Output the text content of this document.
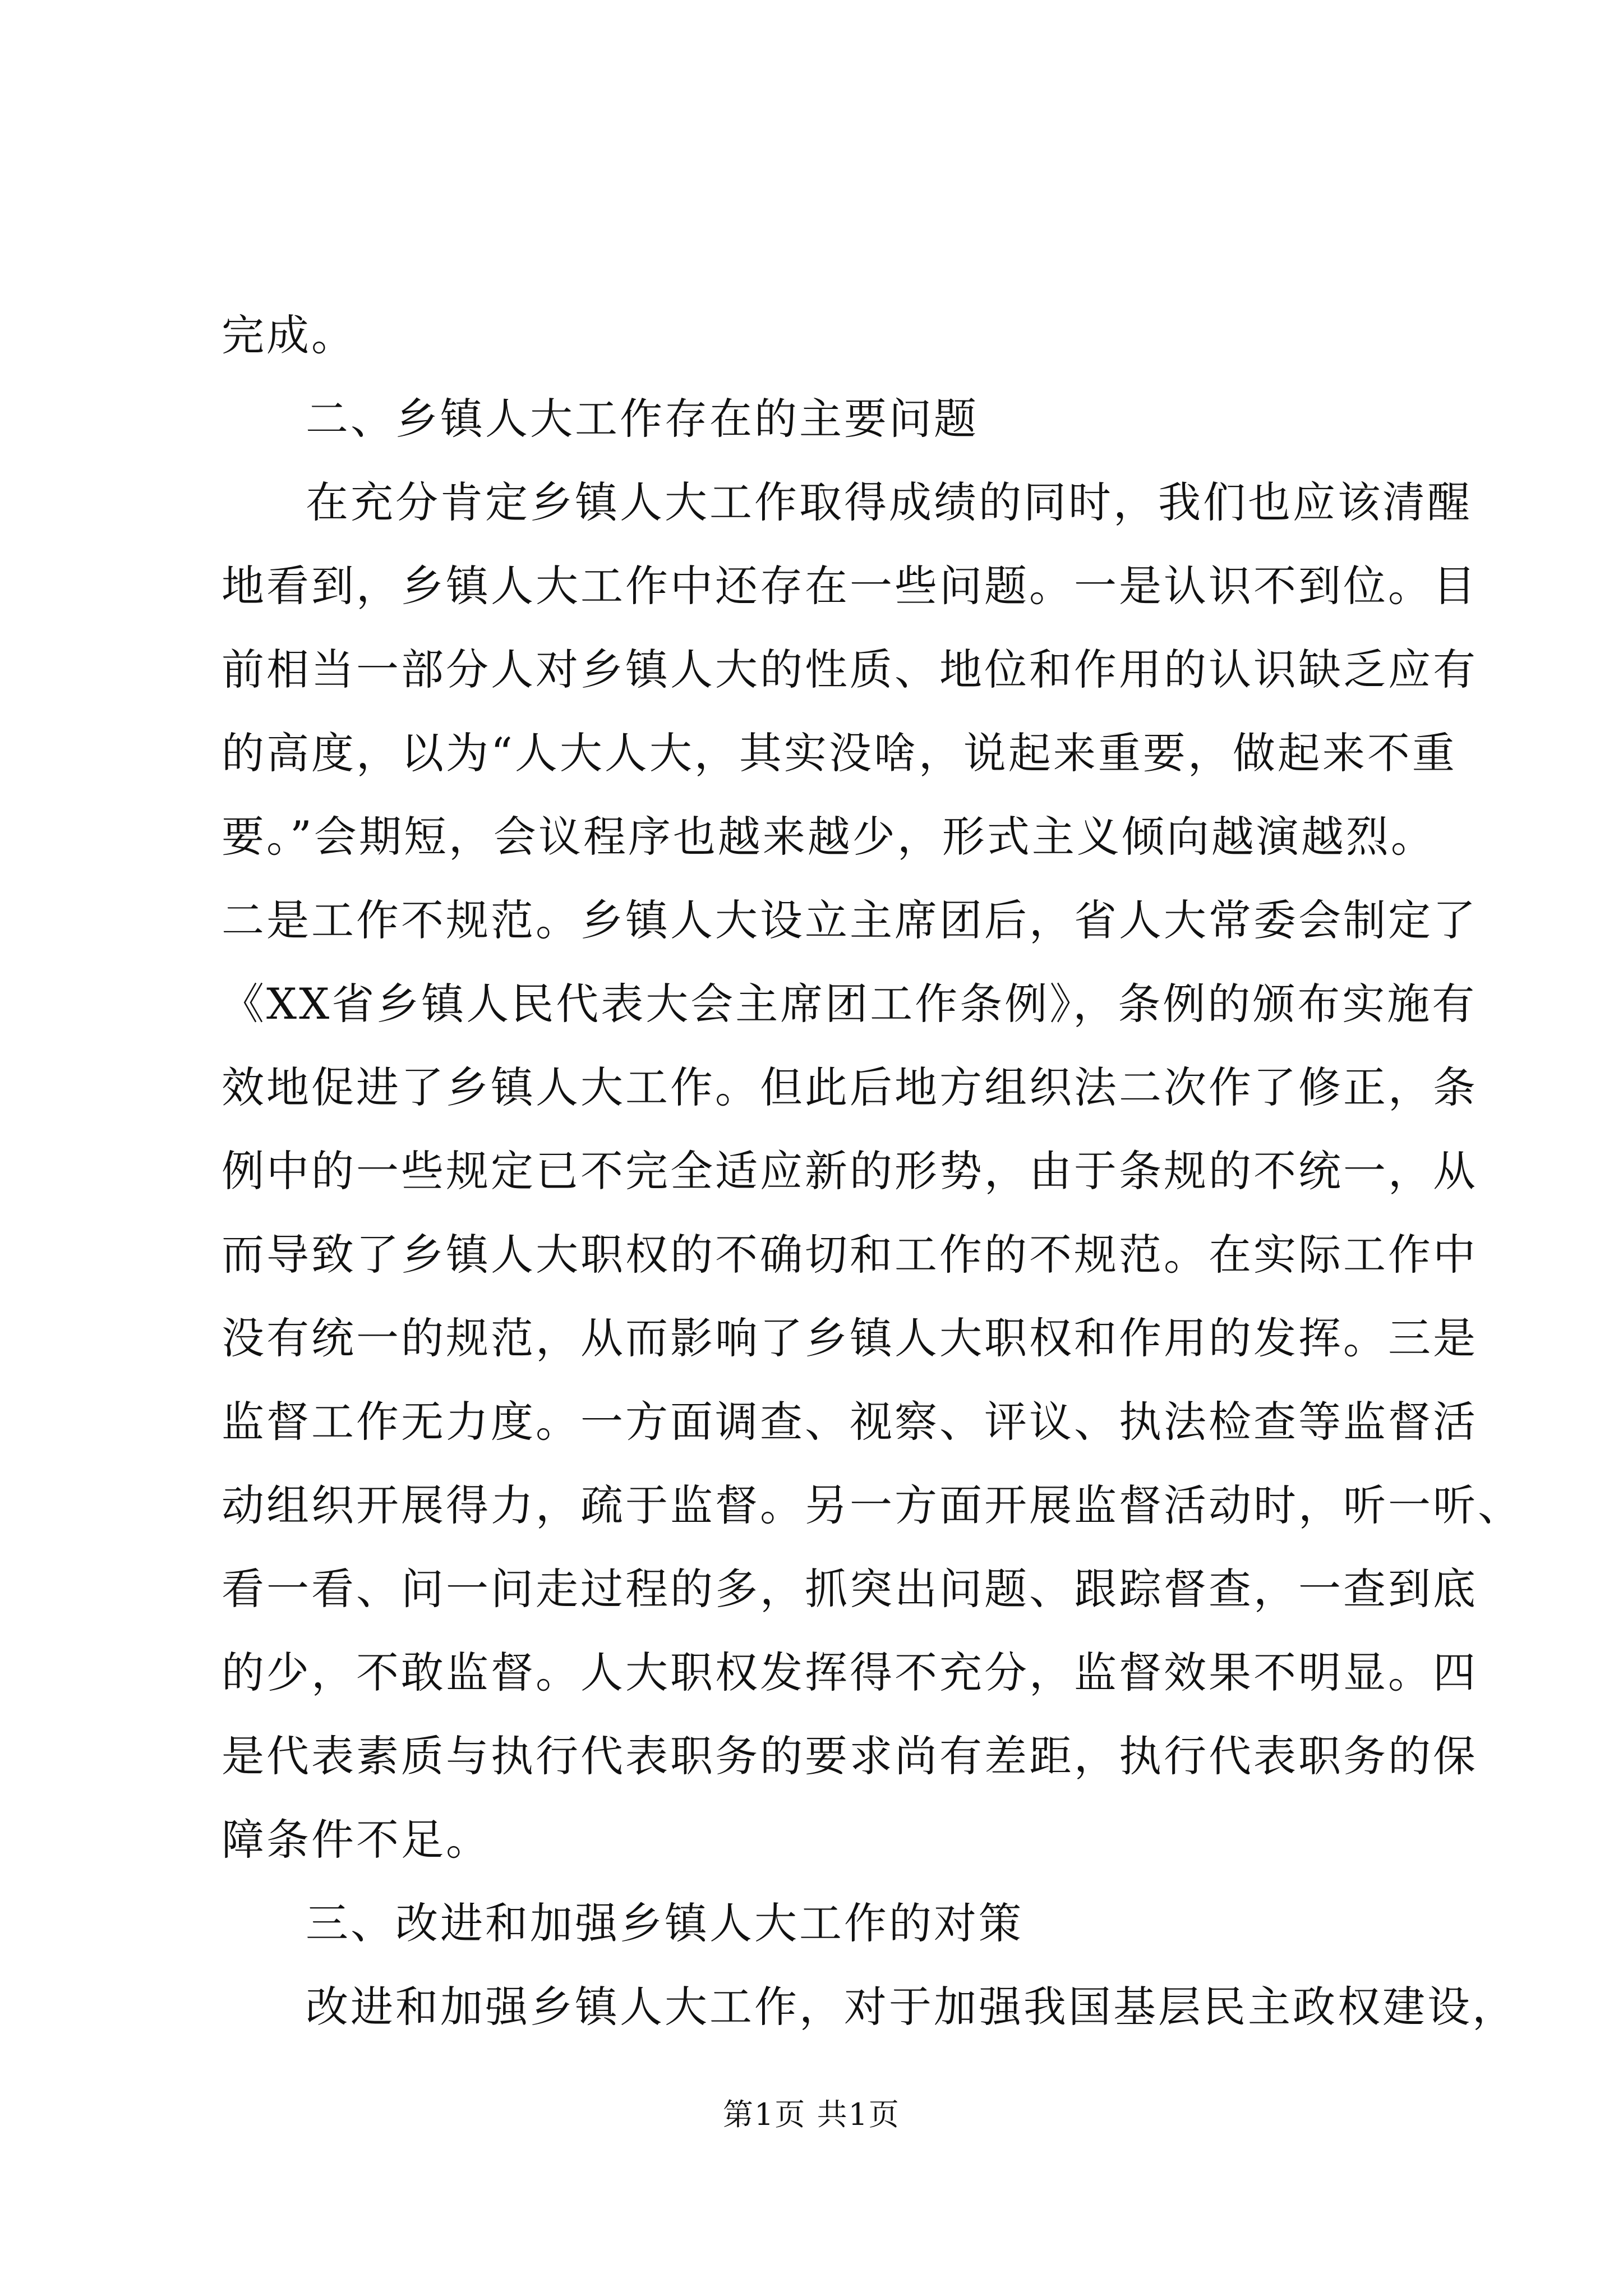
完成。
二、乡镇人大工作存在的主要问题
在充分肯定乡镇人大工作取得成绩的同时，我们也应该清醒
地看到，乡镇人大工作中还存在一些问题。一是认识不到位。目
前相当一部分人对乡镇人大的性质、地位和作用的认识缺乏应有
的高度，以为“人大人大，其实没啥，说起来重要，做起来不重
要。”会期短，会议程序也越来越少，形式主义倾向越演越烈。
二是工作不规范。乡镇人大设立主席团后，省人大常委会制定了
《XX省乡镇人民代表大会主席团工作条例》，条例的颁布实施有
效地促进了乡镇人大工作。但此后地方组织法二次作了修正，条
例中的一些规定已不完全适应新的形势，由于条规的不统一，从
而导致了乡镇人大职权的不确切和工作的不规范。在实际工作中
没有统一的规范，从而影响了乡镇人大职权和作用的发挥。三是
监督工作无力度。一方面调查、视察、评议、执法检查等监督活
动组织开展得力，疏于监督。另一方面开展监督活动时，听一听、
看一看、问一问走过程的多，抓突出问题、跟踪督查，一查到底
的少，不敢监督。人大职权发挥得不充分，监督效果不明显。四
是代表素质与执行代表职务的要求尚有差距，执行代表职务的保
障条件不足。
三、改进和加强乡镇人大工作的对策
改进和加强乡镇人大工作，对于加强我国基层民主政权建设，
第1页 共1页
